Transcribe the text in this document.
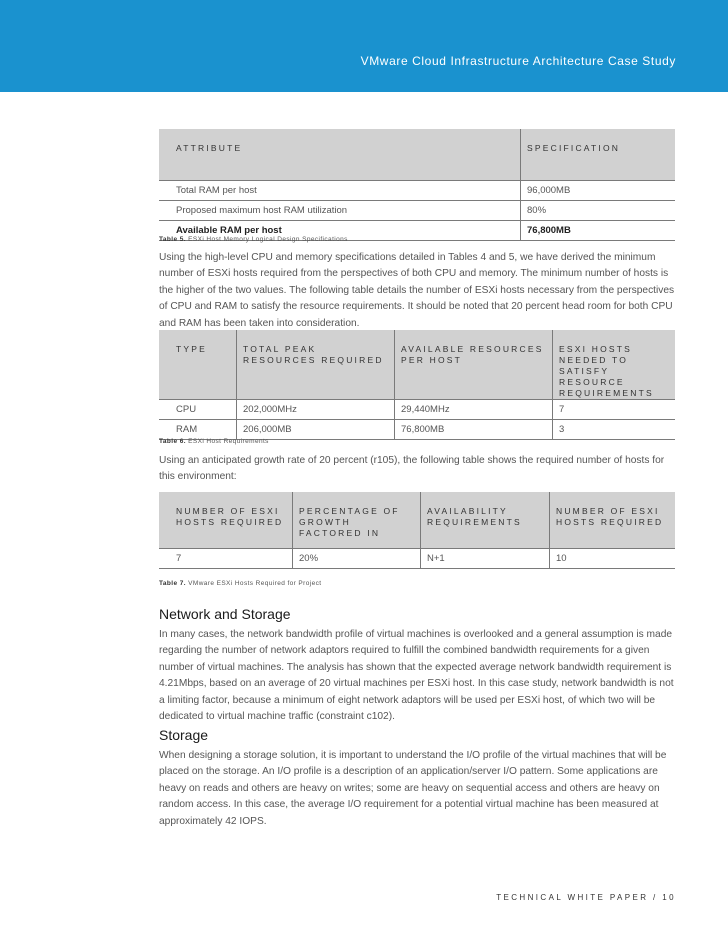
VMware Cloud Infrastructure Architecture Case Study
ATTRIBUTE	SPECIFICATION
Total RAM per host	96,000MB
Proposed maximum host RAM utilization	80%
Available RAM per host	76,800MB
Table 5. ESXi Host Memory Logical Design Specifications
Using the high-level CPU and memory specifications detailed in Tables 4 and 5, we have derived the minimum number of ESXi hosts required from the perspectives of both CPU and memory. The minimum number of hosts is the higher of the two values. The following table details the number of ESXi hosts necessary from the perspectives of CPU and RAM to satisfy the resource requirements. It should be noted that 20 percent head room for both CPU and RAM has been taken into consideration.
TYPE	TOTAL PEAK RESOURCES REQUIRED	AVAILABLE RESOURCES PER HOST	ESXI HOSTS NEEDED TO SATISFY RESOURCE REQUIREMENTS
CPU	202,000MHz	29,440MHz	7
RAM	206,000MB	76,800MB	3
Table 6. ESXi Host Requirements
Using an anticipated growth rate of 20 percent (r105), the following table shows the required number of hosts for this environment:
NUMBER OF ESXI HOSTS REQUIRED	PERCENTAGE OF GROWTH FACTORED IN	AVAILABILITY REQUIREMENTS	NUMBER OF ESXI HOSTS REQUIRED
7	20%	N+1	10
Table 7. VMware ESXi Hosts Required for Project
Network and Storage
In many cases, the network bandwidth profile of virtual machines is overlooked and a general assumption is made regarding the number of network adaptors required to fulfill the combined bandwidth requirements for a given number of virtual machines. The analysis has shown that the expected average network bandwidth requirement is 4.21Mbps, based on an average of 20 virtual machines per ESXi host. In this case study, network bandwidth is not a limiting factor, because a minimum of eight network adaptors will be used per ESXi host, of which two will be dedicated to virtual machine traffic (constraint c102).
Storage
When designing a storage solution, it is important to understand the I/O profile of the virtual machines that will be placed on the storage. An I/O profile is a description of an application/server I/O pattern. Some applications are heavy on reads and others are heavy on writes; some are heavy on sequential access and others are heavy on random access. In this case, the average I/O requirement for a potential virtual machine has been measured at approximately 42 IOPS.
TECHNICAL WHITE PAPER / 10
